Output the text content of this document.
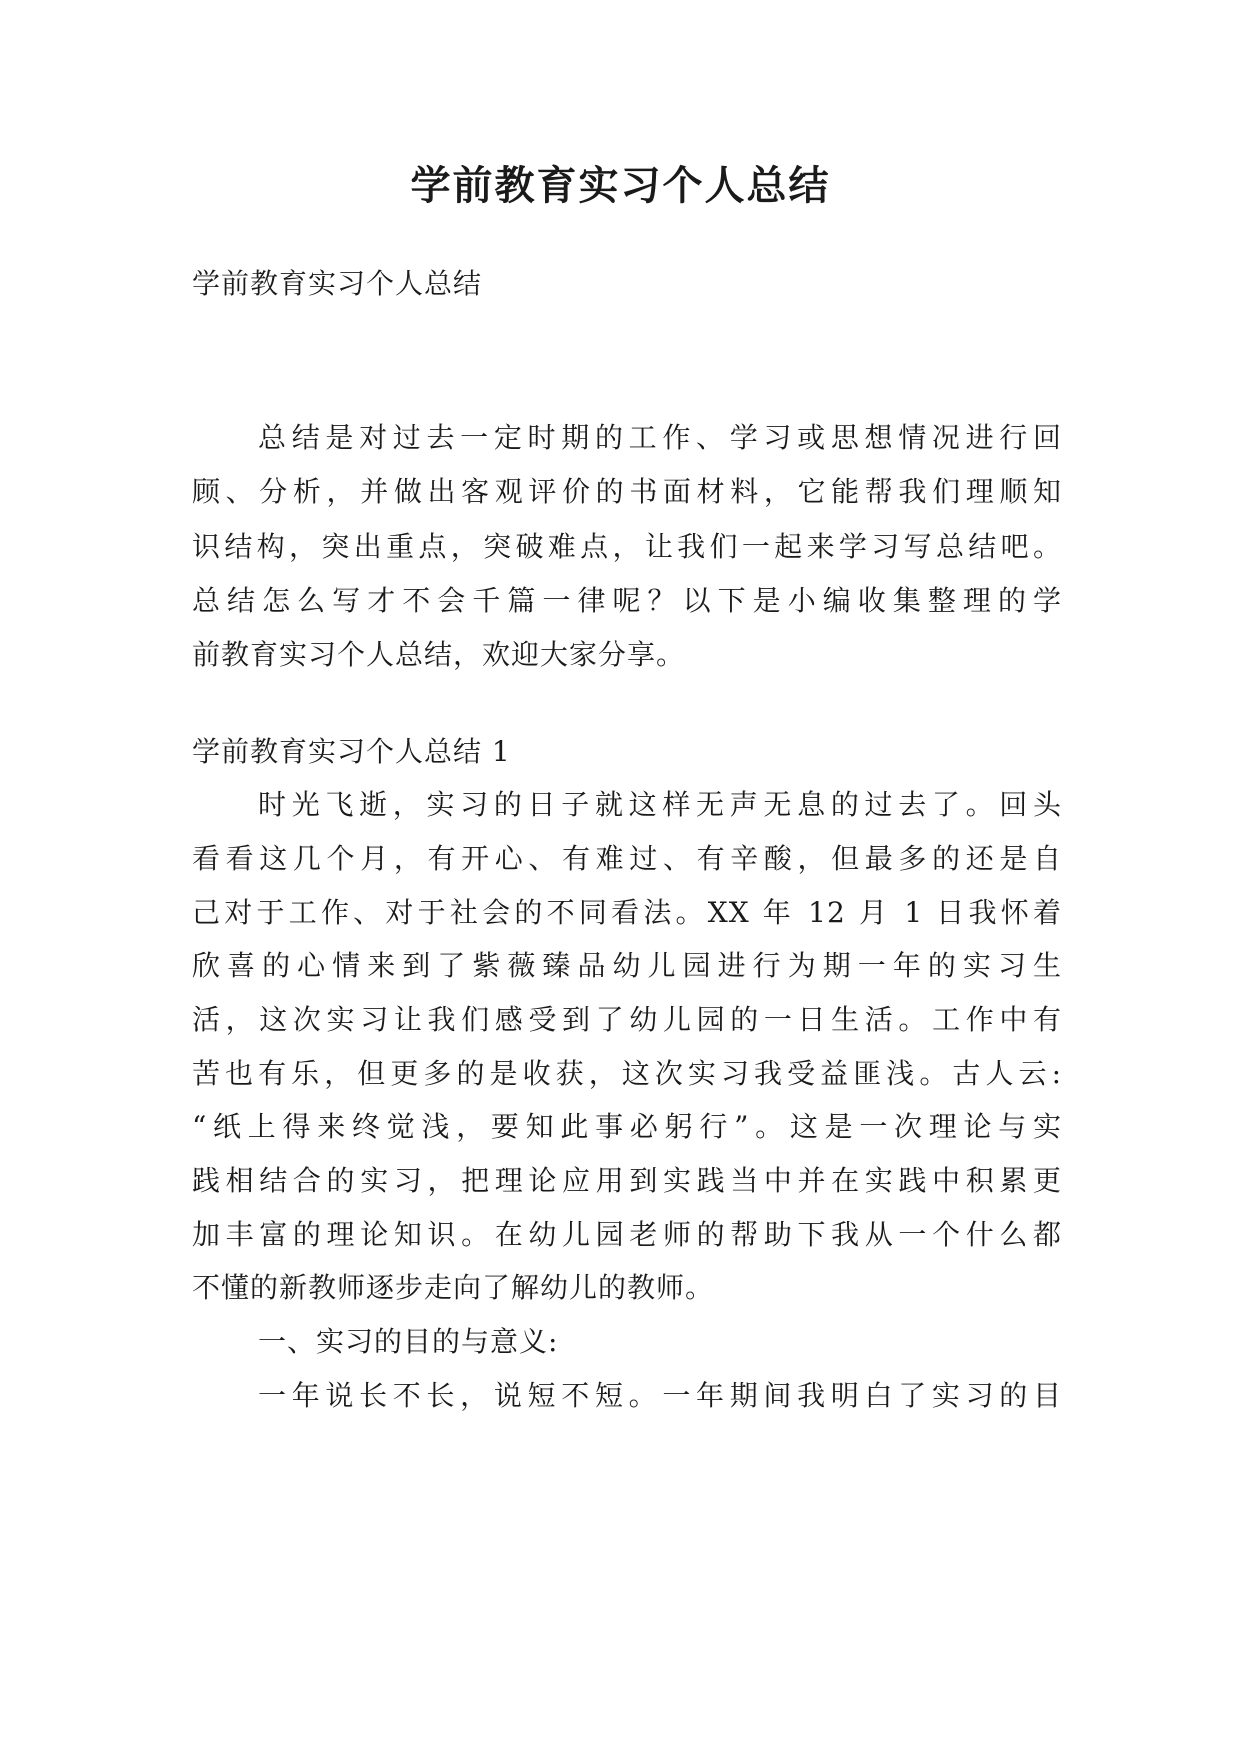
学前教育实习个人总结
学前教育实习个人总结
总结是对过去一定时期的工作、学习或思想情况进行回
顾、分析，并做出客观评价的书面材料，它能帮我们理顺知
识结构，突出重点，突破难点，让我们一起来学习写总结吧。
总结怎么写才不会千篇一律呢？以下是小编收集整理的学
前教育实习个人总结，欢迎大家分享。
学前教育实习个人总结 1
时光飞逝，实习的日子就这样无声无息的过去了。回头
看看这几个月，有开心、有难过、有辛酸，但最多的还是自
己对于工作、对于社会的不同看法。XX 年 12 月 1 日我怀着
欣喜的心情来到了紫薇臻品幼儿园进行为期一年的实习生
活，这次实习让我们感受到了幼儿园的一日生活。工作中有
苦也有乐，但更多的是收获，这次实习我受益匪浅。古人云:
“纸上得来终觉浅，要知此事必躬行”。这是一次理论与实
践相结合的实习，把理论应用到实践当中并在实践中积累更
加丰富的理论知识。在幼儿园老师的帮助下我从一个什么都
不懂的新教师逐步走向了解幼儿的教师。
一、实习的目的与意义:
一年说长不长，说短不短。一年期间我明白了实习的目
